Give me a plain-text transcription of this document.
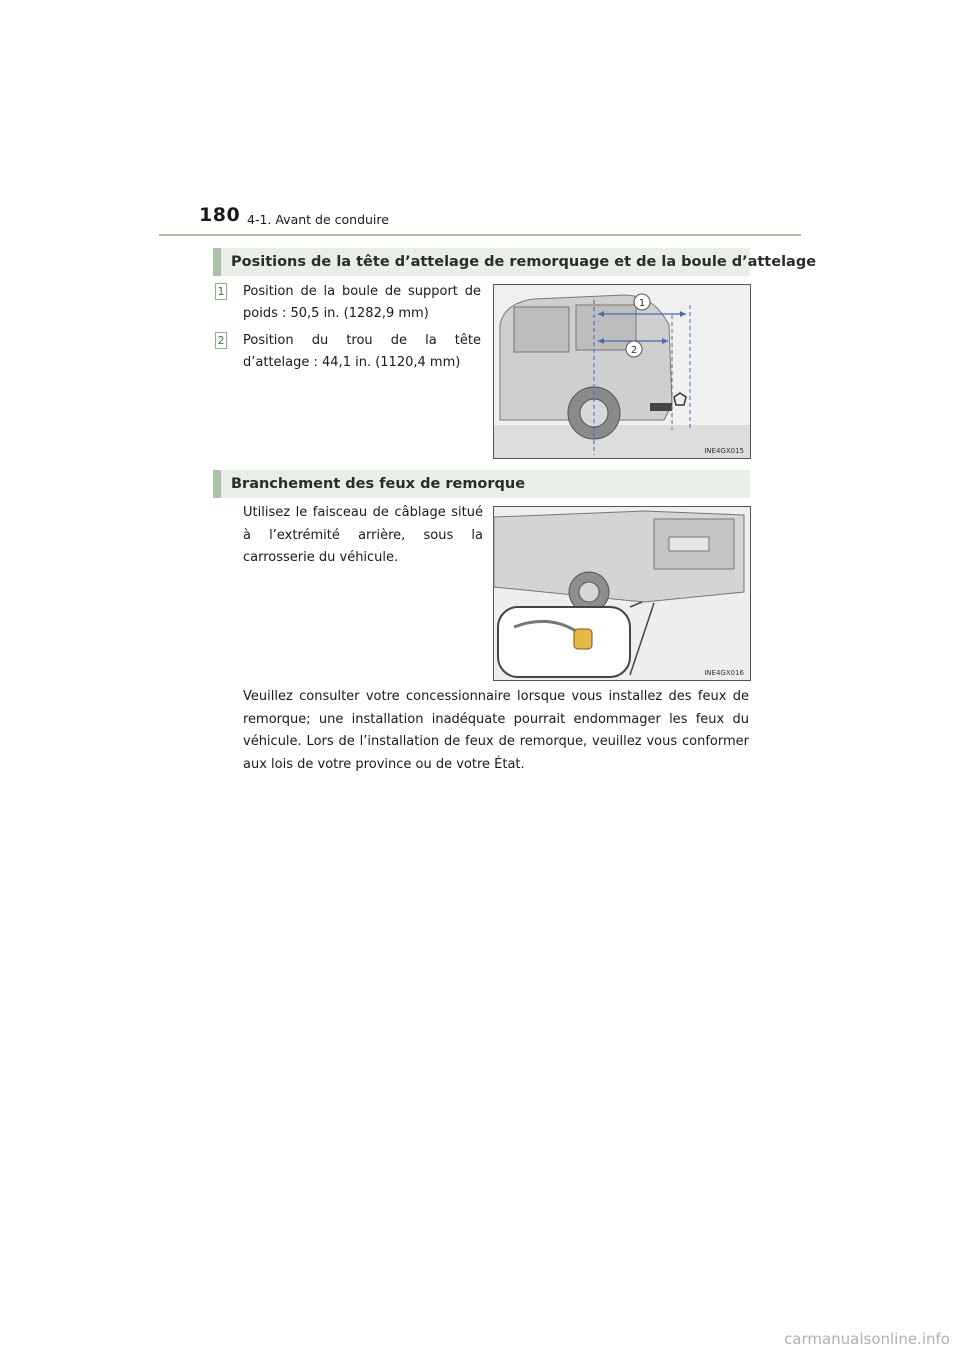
180 4-1. Avant de conduire
Positions de la tête d’attelage de remorquage et de la boule d’attelage
1 Position de la boule de support de poids : 50,5 in. (1282,9 mm)
2 Position du trou de la tête d’attelage : 44,1 in. (1120,4 mm)
1
2
INE4GX015
Branchement des feux de remorque
Utilisez le faisceau de câblage situé à l’extrémité arrière, sous la carrosserie du véhicule.
INE4GX016
Veuillez consulter votre concessionnaire lorsque vous installez des feux de remorque; une installation inadéquate pourrait endommager les feux du véhicule. Lors de l’installation de feux de remorque, veuillez vous conformer aux lois de votre province ou de votre État.
carmanualsonline.info
